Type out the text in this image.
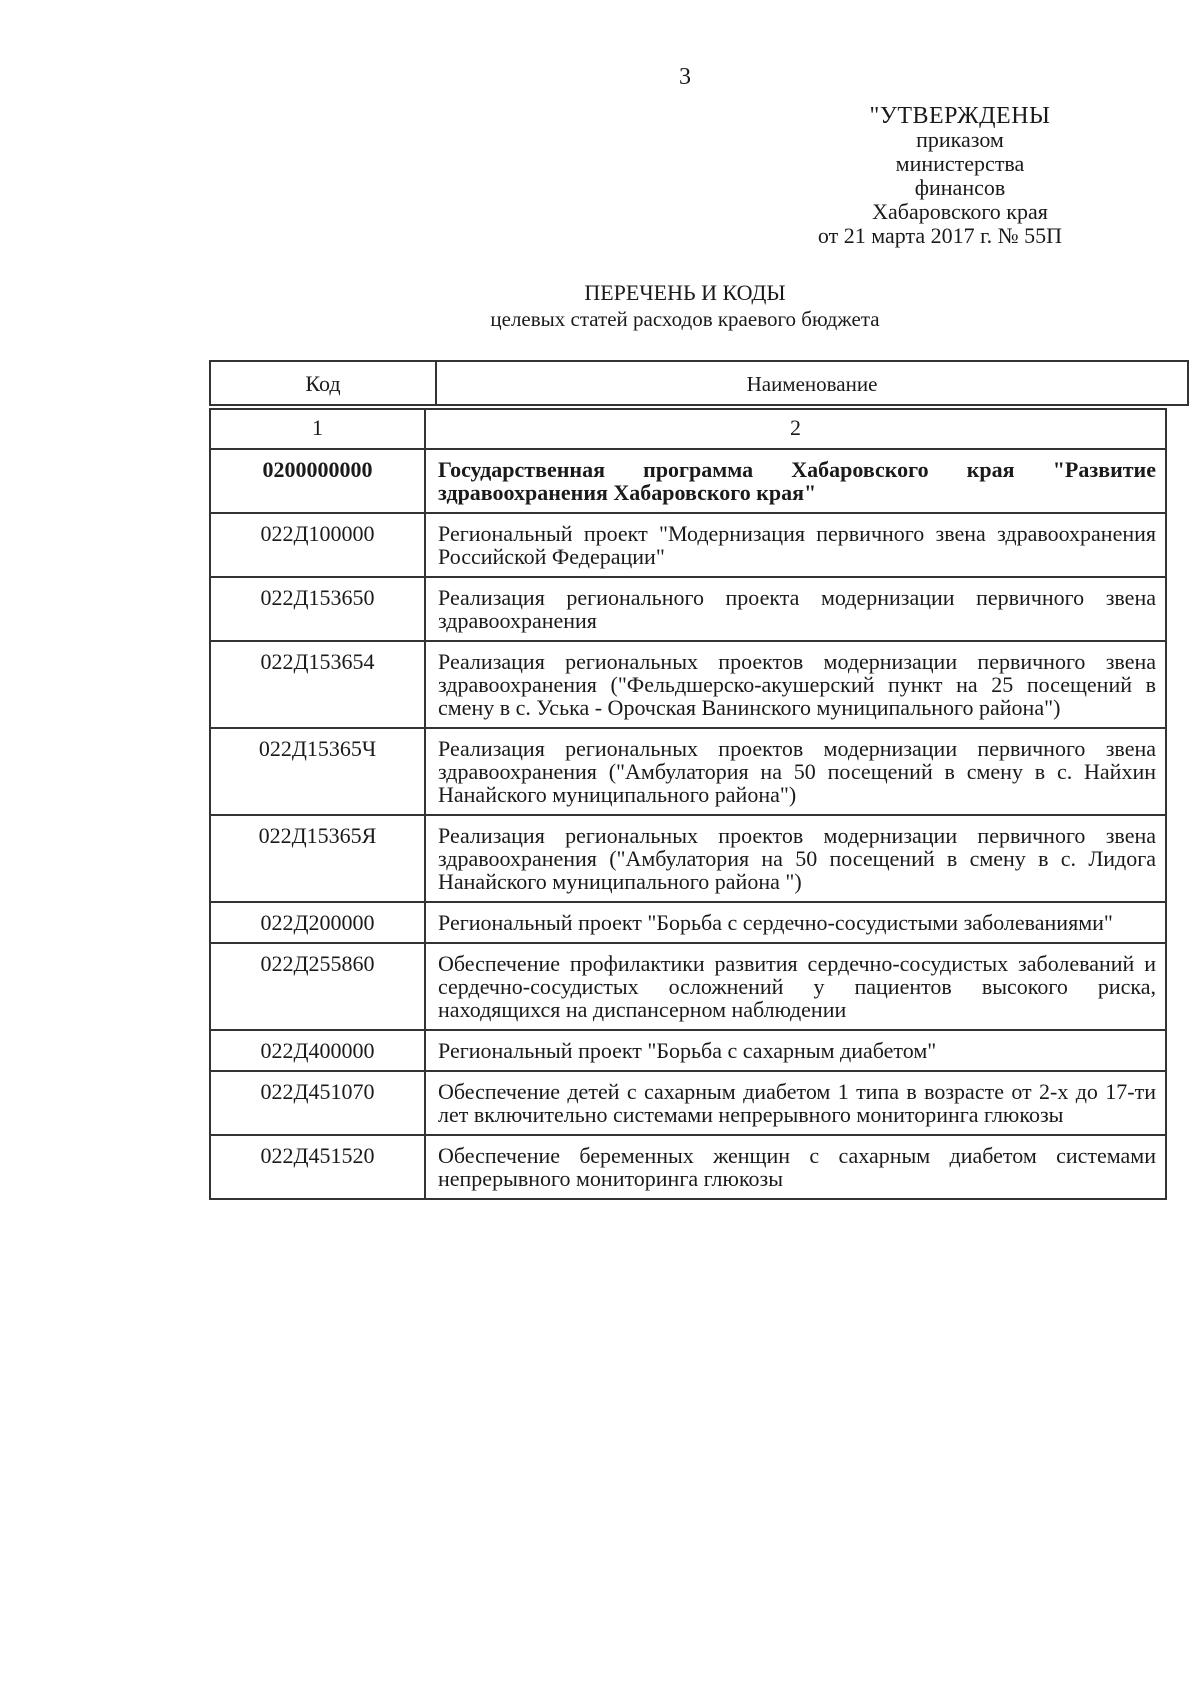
3
"УТВЕРЖДЕНЫ
приказом
министерства
финансов
Хабаровского края
от 21 марта 2017 г. № 55П
ПЕРЕЧЕНЬ И КОДЫ
целевых статей расходов краевого бюджета
Код	Наименование
1	2
0200000000	Государственная программа Хабаровского края "Развитие здравоохранения Хабаровского края"
022Д100000	Региональный проект "Модернизация первичного звена здравоохранения Российской Федерации"
022Д153650	Реализация регионального проекта модернизации первичного звена здравоохранения
022Д153654	Реализация региональных проектов модернизации первичного звена здравоохранения ("Фельдшерско-акушерский пункт на 25 посещений в смену в с. Уська - Орочская Ванинского муниципального района")
022Д15365Ч	Реализация региональных проектов модернизации первичного звена здравоохранения ("Амбулатория на 50 посещений в смену в с. Найхин Нанайского муниципального района")
022Д15365Я	Реализация региональных проектов модернизации первичного звена здравоохранения ("Амбулатория на 50 посещений в смену в с. Лидога Нанайского муниципального района ")
022Д200000	Региональный проект "Борьба с сердечно-сосудистыми заболеваниями"
022Д255860	Обеспечение профилактики развития сердечно-сосудистых заболеваний и сердечно-сосудистых осложнений у пациентов высокого риска, находящихся на диспансерном наблюдении
022Д400000	Региональный проект "Борьба с сахарным диабетом"
022Д451070	Обеспечение детей с сахарным диабетом 1 типа в возрасте от 2-х до 17-ти лет включительно системами непрерывного мониторинга глюкозы
022Д451520	Обеспечение беременных женщин с сахарным диабетом системами непрерывного мониторинга глюкозы
